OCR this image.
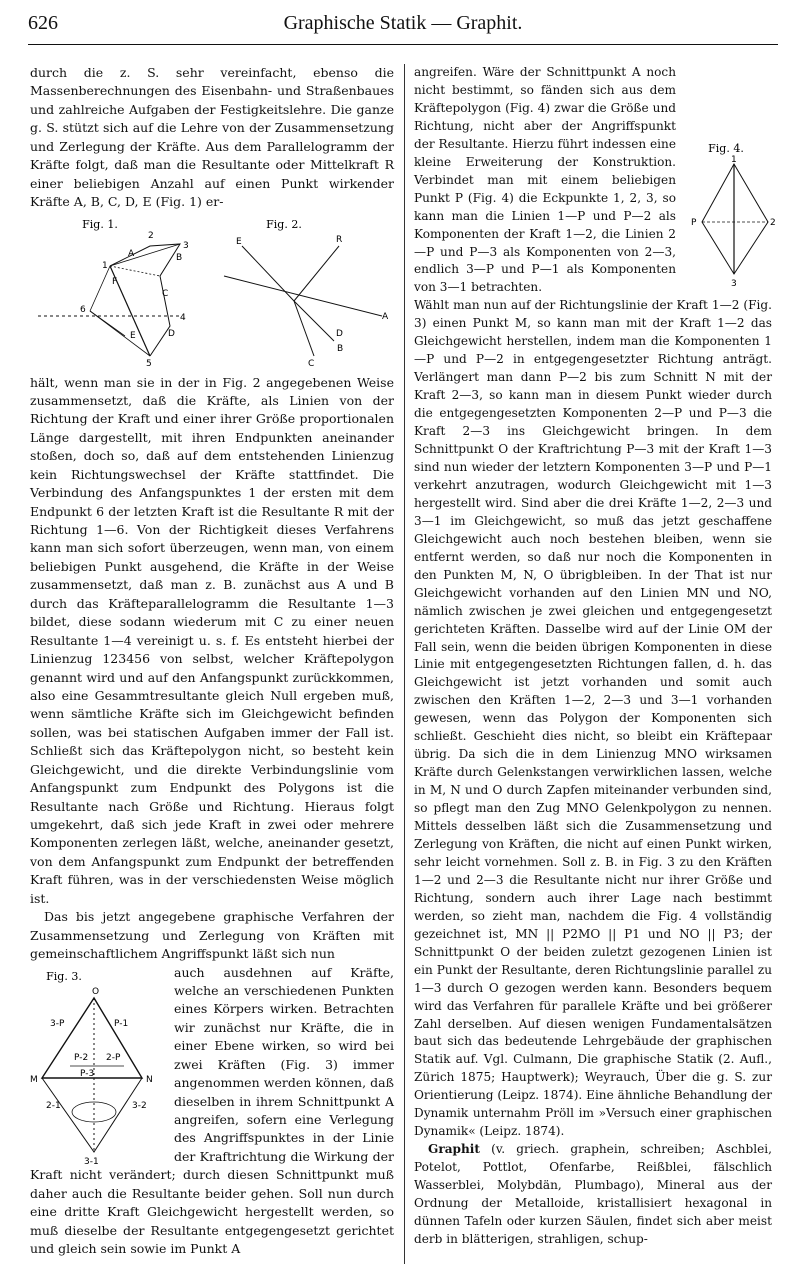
626	Graphische Statik — Graphit.

durch die z. S. sehr vereinfacht, ebenso die Massenberechnungen des Eisenbahn- und Straßenbaues und zahlreiche Aufgaben der Festigkeitslehre. Die ganze g. S. stützt sich auf die Lehre von der Zusammensetzung und Zerlegung der Kräfte. Aus dem Parallelogramm der Kräfte folgt, daß man die Resultante oder Mittelkraft R einer beliebigen Anzahl auf einen Punkt wirkender Kräfte A, B, C, D, E (Fig. 1) er-

Fig. 1.
2
A	B
3
1
F
C
6
E	D
5
4
Fig. 2.
E	R
A
D
B
C

hält, wenn man sie in der in Fig. 2 angegebenen Weise zusammensetzt, daß die Kräfte, als Linien von der Richtung der Kraft und einer ihrer Größe proportionalen Länge dargestellt, mit ihren Endpunkten aneinander stoßen, doch so, daß auf dem entstehenden Linienzug kein Richtungswechsel der Kräfte stattfindet. Die Verbindung des Anfangspunktes 1 der ersten mit dem Endpunkt 6 der letzten Kraft ist die Resultante R mit der Richtung 1—6. Von der Richtigkeit dieses Verfahrens kann man sich sofort überzeugen, wenn man, von einem beliebigen Punkt ausgehend, die Kräfte in der Weise zusammensetzt, daß man z. B. zunächst aus A und B durch das Kräfteparallelogramm die Resultante 1—3 bildet, diese sodann wiederum mit C zu einer neuen Resultante 1—4 vereinigt u. s. f. Es entsteht hierbei der Linienzug 123456 von selbst, welcher Kräftepolygon genannt wird und auf den Anfangspunkt zurückkommen, also eine Gesammtresultante gleich Null ergeben muß, wenn sämtliche Kräfte sich im Gleichgewicht befinden sollen, was bei statischen Aufgaben immer der Fall ist. Schließt sich das Kräftepolygon nicht, so besteht kein Gleichgewicht, und die direkte Verbindungslinie vom Anfangspunkt zum Endpunkt des Polygons ist die Resultante nach Größe und Richtung. Hieraus folgt umgekehrt, daß sich jede Kraft in zwei oder mehrere Komponenten zerlegen läßt, welche, aneinander gesetzt, von dem Anfangspunkt zum Endpunkt der betreffenden Kraft führen, was in der verschiedensten Weise möglich ist.

Das bis jetzt angegebene graphische Verfahren der Zusammensetzung und Zerlegung von Kräften mit gemeinschaftlichem Angriffspunkt läßt sich nun

Fig. 3.
O
3-P	P-1
M	N
P-2 2-P
P-3
2-1	3-2
3-1

auch ausdehnen auf Kräfte, welche an verschiedenen Punkten eines Körpers wirken. Betrachten wir zunächst nur Kräfte, die in einer Ebene wirken, so wird bei zwei Kräften (Fig. 3) immer angenommen werden können, daß dieselben in ihrem Schnittpunkt A angreifen, sofern eine Verlegung des Angriffspunktes in der Linie der Kraftrichtung die Wirkung der Kraft nicht verändert; durch diesen Schnittpunkt muß daher auch die Resultante beider gehen. Soll nun durch eine dritte Kraft Gleichgewicht hergestellt werden, so muß dieselbe der Resultante entgegengesetzt gerichtet und gleich sein sowie im Punkt A

Fig. 4.
1
P	2
3

angreifen. Wäre der Schnittpunkt A noch nicht bestimmt, so fänden sich aus dem Kräftepolygon (Fig. 4) zwar die Größe und Richtung, nicht aber der Angriffspunkt der Resultante. Hierzu führt indessen eine kleine Erweiterung der Konstruktion. Verbindet man mit einem beliebigen Punkt P (Fig. 4) die Eckpunkte 1, 2, 3, so kann man die Linien 1—P und P—2 als Komponenten der Kraft 1—2, die Linien 2—P und P—3 als Komponenten von 2—3, endlich 3—P und P—1 als Komponenten von 3—1 betrachten.

Wählt man nun auf der Richtungslinie der Kraft 1—2 (Fig. 3) einen Punkt M, so kann man mit der Kraft 1—2 das Gleichgewicht herstellen, indem man die Komponenten 1—P und P—2 in entgegengesetzter Richtung anträgt. Verlängert man dann P—2 bis zum Schnitt N mit der Kraft 2—3, so kann man in diesem Punkt wieder durch die entgegengesetzten Komponenten 2—P und P—3 die Kraft 2—3 ins Gleichgewicht bringen. In dem Schnittpunkt O der Kraftrichtung P—3 mit der Kraft 1—3 sind nun wieder der letztern Komponenten 3—P und P—1 verkehrt anzutragen, wodurch Gleichgewicht mit 1—3 hergestellt wird. Sind aber die drei Kräfte 1—2, 2—3 und 3—1 im Gleichgewicht, so muß das jetzt geschaffene Gleichgewicht auch noch bestehen bleiben, wenn sie entfernt werden, so daß nur noch die Komponenten in den Punkten M, N, O übrigbleiben. In der That ist nur Gleichgewicht vorhanden auf den Linien MN und NO, nämlich zwischen je zwei gleichen und entgegengesetzt gerichteten Kräften. Dasselbe wird auf der Linie OM der Fall sein, wenn die beiden übrigen Komponenten in diese Linie mit entgegengesetzten Richtungen fallen, d. h. das Gleichgewicht ist jetzt vorhanden und somit auch zwischen den Kräften 1—2, 2—3 und 3—1 vorhanden gewesen, wenn das Polygon der Komponenten sich schließt. Geschieht dies nicht, so bleibt ein Kräftepaar übrig. Da sich die in dem Linienzug MNO wirksamen Kräfte durch Gelenkstangen verwirklichen lassen, welche in M, N und O durch Zapfen miteinander verbunden sind, so pflegt man den Zug MNO Gelenkpolygon zu nennen. Mittels desselben läßt sich die Zusammensetzung und Zerlegung von Kräften, die nicht auf einen Punkt wirken, sehr leicht vornehmen. Soll z. B. in Fig. 3 zu den Kräften 1—2 und 2—3 die Resultante nicht nur ihrer Größe und Richtung, sondern auch ihrer Lage nach bestimmt werden, so zieht man, nachdem die Fig. 4 vollständig gezeichnet ist, MN || P2MO || P1 und NO || P3; der Schnittpunkt O der beiden zuletzt gezogenen Linien ist ein Punkt der Resultante, deren Richtungslinie parallel zu 1—3 durch O gezogen werden kann. Besonders bequem wird das Verfahren für parallele Kräfte und bei größerer Zahl derselben. Auf diesen wenigen Fundamentalsätzen baut sich das bedeutende Lehrgebäude der graphischen Statik auf. Vgl. Culmann, Die graphische Statik (2. Aufl., Zürich 1875; Hauptwerk); Weyrauch, Über die g. S. zur Orientierung (Leipz. 1874). Eine ähnliche Behandlung der Dynamik unternahm Pröll im »Versuch einer graphischen Dynamik« (Leipz. 1874).

Graphit (v. griech. graphein, schreiben; Aschblei, Potelot, Pottlot, Ofenfarbe, Reißblei, fälschlich Wasserblei, Molybdän, Plumbago), Mineral aus der Ordnung der Metalloide, kristallisiert hexagonal in dünnen Tafeln oder kurzen Säulen, findet sich aber meist derb in blätterigen, strahligen, schup-
